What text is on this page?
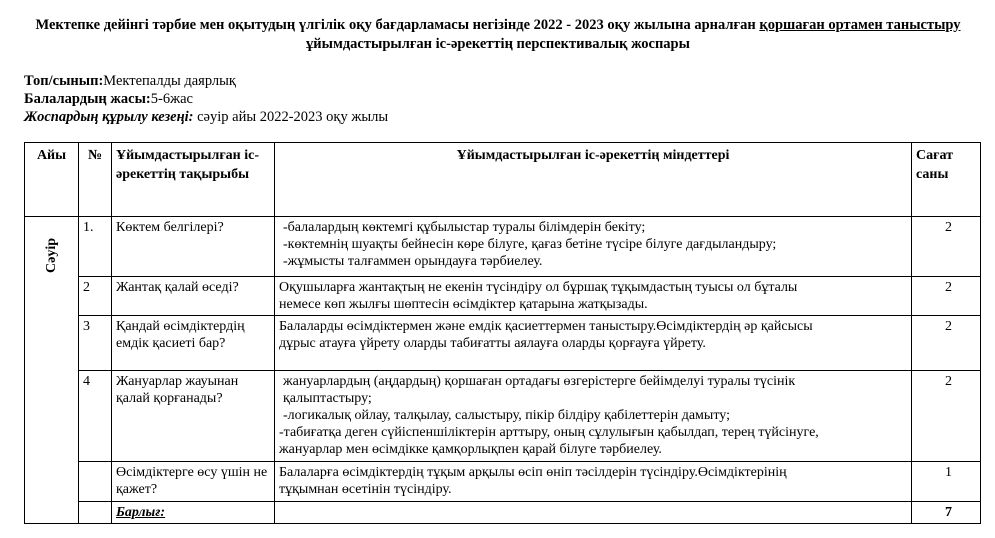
Мектепке дейінгі тәрбие мен оқытудың үлгілік оқу бағдарламасы негізінде 2022 - 2023 оқу жылына арналған қоршаған ортамен таныстыру ұйымдастырылған іс-әрекеттің перспективалық жоспары
Топ/сынып:Мектепалды даярлық
Балалардың жасы:5-6жас
Жоспардың құрылу кезеңі: сәуір айы 2022-2023 оқу жылы
Айы	№	Ұйымдастырылған іс-әрекеттің тақырыбы	Ұйымдастырылған іс-әрекеттің міндеттері	Сағат саны
Сәуір	1.	Көктем белгілері?	-балалардың көктемгі құбылыстар туралы білімдерін бекіту;
-көктемнің шуақты бейнесін көре білуге, қағаз бетіне түсіре білуге дағдыландыру;
-жұмысты талғаммен орындауға тәрбиелеу.	2
	2	Жантақ қалай өседі?	Оқушыларға жантақтың не екенін түсіндіру ол бұршақ тұқымдастың туысы ол бұталы
немесе көп жылғы шөптесін өсімдіктер қатарына жатқызады.	2
	3	Қандай өсімдіктердің емдік қасиеті бар?	Балаларды өсімдіктермен және емдік қасиеттермен таныстыру.Өсімдіктердің әр қайсысы
дұрыс атауға үйрету оларды табиғатты аялауға оларды қорғауға үйрету.	2
	4	Жануарлар жауынан қалай қорғанады?	жануарлардың (аңдардың) қоршаған ортадағы өзгерістерге бейімделуі туралы түсінік
қалыптастыру;
-логикалық ойлау, талқылау, салыстыру, пікір білдіру қабілеттерін дамыту;
-табиғатқа деген сүйіспеншіліктерін арттыру, оның сұлулығын қабылдап, терең түйсінуге,
жануарлар мен өсімдікке қамқорлықпен қарай білуге тәрбиелеу.	2
		Өсімдіктерге өсу үшін не қажет?	Балаларға өсімдіктердің тұқым арқылы өсіп өніп тәсілдерін түсіндіру.Өсімдіктерінің
тұқымнан өсетінін түсіндіру.	1
		Барлығ:		7
